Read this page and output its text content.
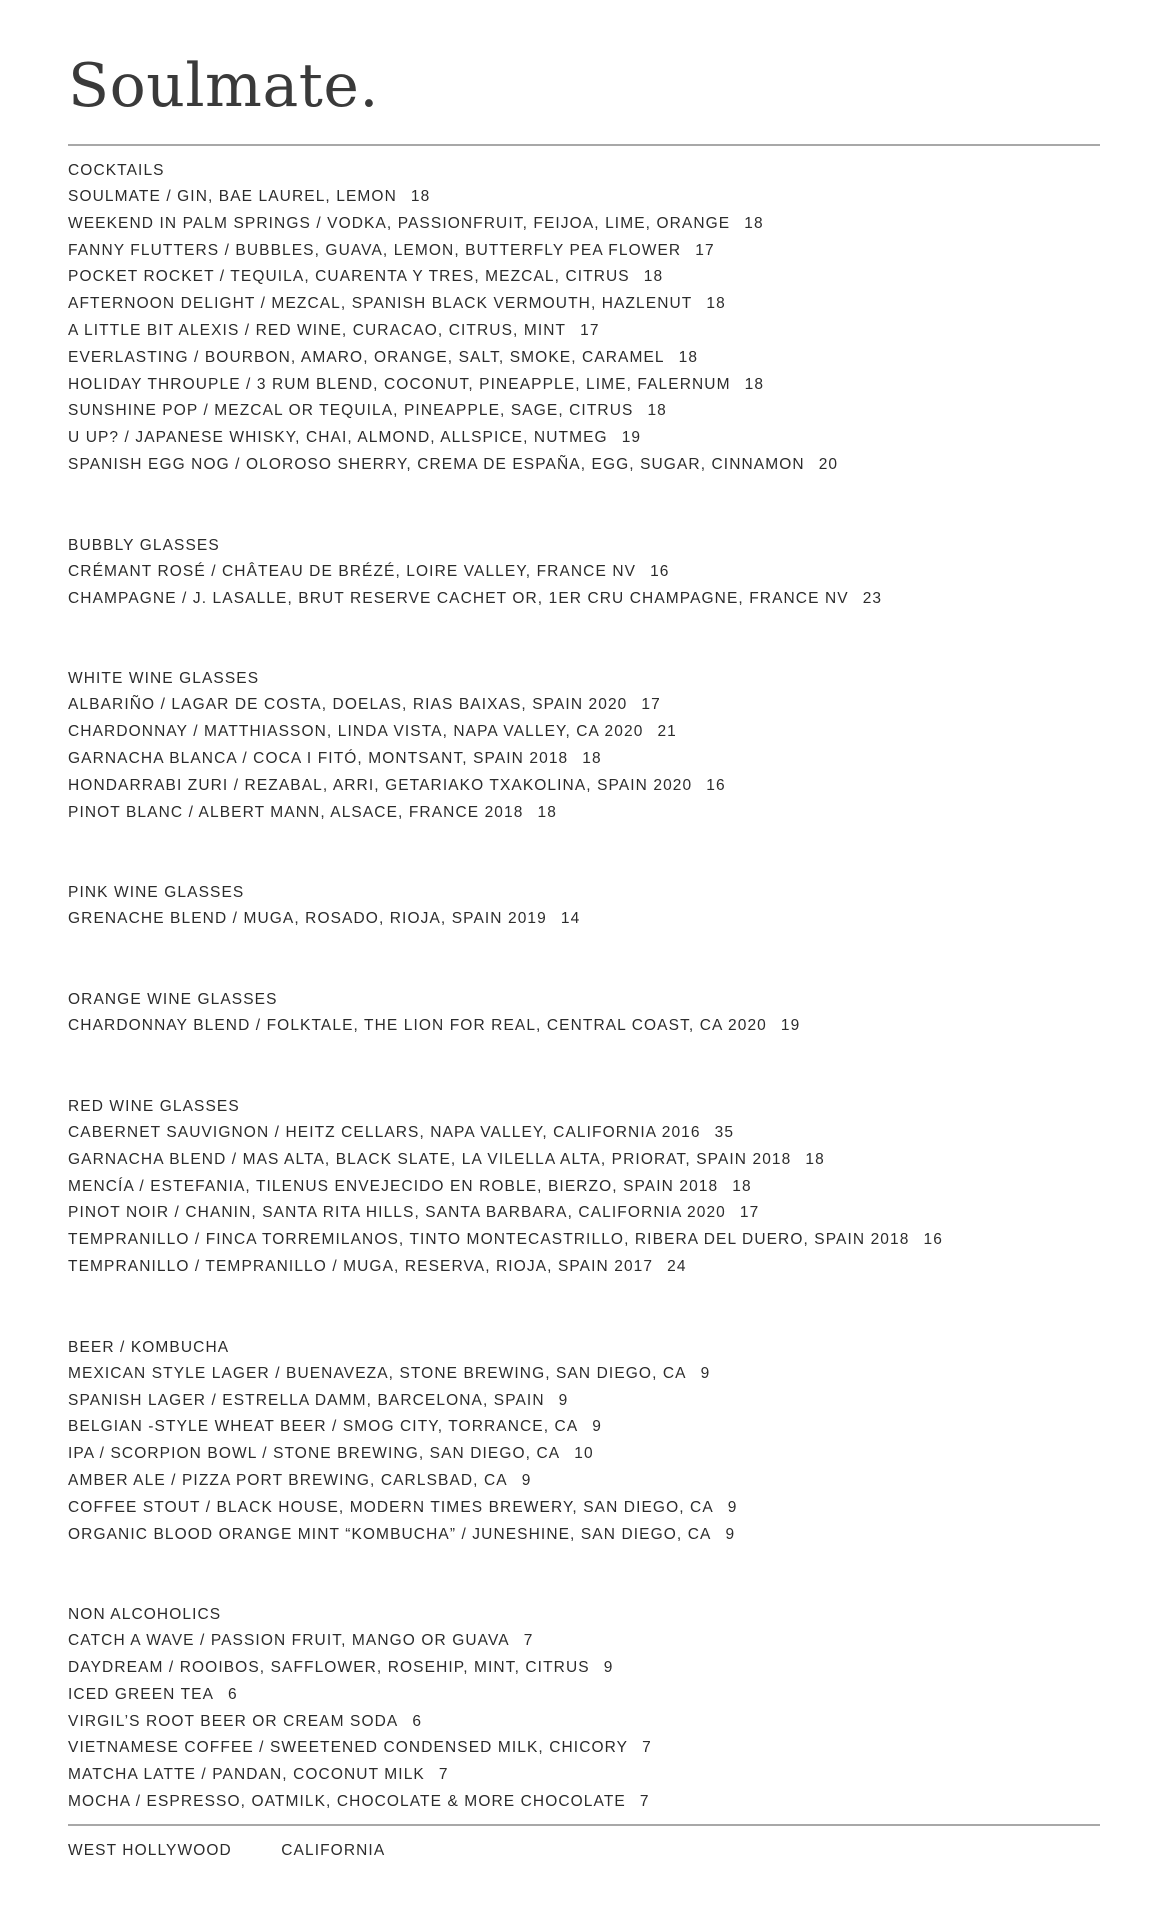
Soulmate.
COCKTAILS
SOULMATE / GIN, BAE LAUREL, LEMON 18
WEEKEND IN PALM SPRINGS / VODKA, PASSIONFRUIT, FEIJOA, LIME, ORANGE 18
FANNY FLUTTERS / BUBBLES, GUAVA, LEMON, BUTTERFLY PEA FLOWER 17
POCKET ROCKET / TEQUILA, CUARENTA Y TRES, MEZCAL, CITRUS 18
AFTERNOON DELIGHT / MEZCAL, SPANISH BLACK VERMOUTH, HAZLENUT 18
A LITTLE BIT ALEXIS / RED WINE, CURACAO, CITRUS, MINT 17
EVERLASTING / BOURBON, AMARO, ORANGE, SALT, SMOKE, CARAMEL 18
HOLIDAY THROUPLE / 3 RUM BLEND, COCONUT, PINEAPPLE, LIME, FALERNUM 18
SUNSHINE POP / MEZCAL OR TEQUILA, PINEAPPLE, SAGE, CITRUS 18
U UP? / JAPANESE WHISKY, CHAI, ALMOND, ALLSPICE, NUTMEG 19
SPANISH EGG NOG / OLOROSO SHERRY, CREMA DE ESPAÑA, EGG, SUGAR, CINNAMON 20
BUBBLY GLASSES
CRÉMANT ROSÉ / CHÂTEAU DE BRÉZÉ, LOIRE VALLEY, FRANCE NV 16
CHAMPAGNE / J. LASALLE, BRUT RESERVE CACHET OR, 1ER CRU CHAMPAGNE, FRANCE NV 23
WHITE WINE GLASSES
ALBARIÑO / LAGAR DE COSTA, DOELAS, RIAS BAIXAS, SPAIN 2020 17
CHARDONNAY / MATTHIASSON, LINDA VISTA, NAPA VALLEY, CA 2020 21
GARNACHA BLANCA / COCA I FITÓ, MONTSANT, SPAIN 2018 18
HONDARRABI ZURI / REZABAL, ARRI, GETARIAKO TXAKOLINA, SPAIN 2020 16
PINOT BLANC / ALBERT MANN, ALSACE, FRANCE 2018 18
PINK WINE GLASSES
GRENACHE BLEND / MUGA, ROSADO, RIOJA, SPAIN 2019 14
ORANGE WINE GLASSES
CHARDONNAY BLEND / FOLKTALE, THE LION FOR REAL, CENTRAL COAST, CA 2020 19
RED WINE GLASSES
CABERNET SAUVIGNON / HEITZ CELLARS, NAPA VALLEY, CALIFORNIA 2016 35
GARNACHA BLEND / MAS ALTA, BLACK SLATE, LA VILELLA ALTA, PRIORAT, SPAIN 2018 18
MENCÍA / ESTEFANIA, TILENUS ENVEJECIDO EN ROBLE, BIERZO, SPAIN 2018 18
PINOT NOIR / CHANIN, SANTA RITA HILLS, SANTA BARBARA, CALIFORNIA 2020 17
TEMPRANILLO / FINCA TORREMILANOS, TINTO MONTECASTRILLO, RIBERA DEL DUERO, SPAIN 2018 16
TEMPRANILLO / TEMPRANILLO / MUGA, RESERVA, RIOJA, SPAIN 2017 24
BEER / KOMBUCHA
MEXICAN STYLE LAGER / BUENAVEZA, STONE BREWING, SAN DIEGO, CA 9
SPANISH LAGER / ESTRELLA DAMM, BARCELONA, SPAIN 9
BELGIAN -STYLE WHEAT BEER / SMOG CITY, TORRANCE, CA 9
IPA / SCORPION BOWL / STONE BREWING, SAN DIEGO, CA 10
AMBER ALE / PIZZA PORT BREWING, CARLSBAD, CA 9
COFFEE STOUT / BLACK HOUSE, MODERN TIMES BREWERY, SAN DIEGO, CA 9
ORGANIC BLOOD ORANGE MINT “KOMBUCHA” / JUNESHINE, SAN DIEGO, CA 9
NON ALCOHOLICS
CATCH A WAVE / PASSION FRUIT, MANGO OR GUAVA 7
DAYDREAM / ROOIBOS, SAFFLOWER, ROSEHIP, MINT, CITRUS 9
ICED GREEN TEA 6
VIRGIL’S ROOT BEER OR CREAM SODA 6
VIETNAMESE COFFEE / SWEETENED CONDENSED MILK, CHICORY 7
MATCHA LATTE / PANDAN, COCONUT MILK 7
MOCHA / ESPRESSO, OATMILK, CHOCOLATE & MORE CHOCOLATE 7
WEST HOLLYWOOD	CALIFORNIA
